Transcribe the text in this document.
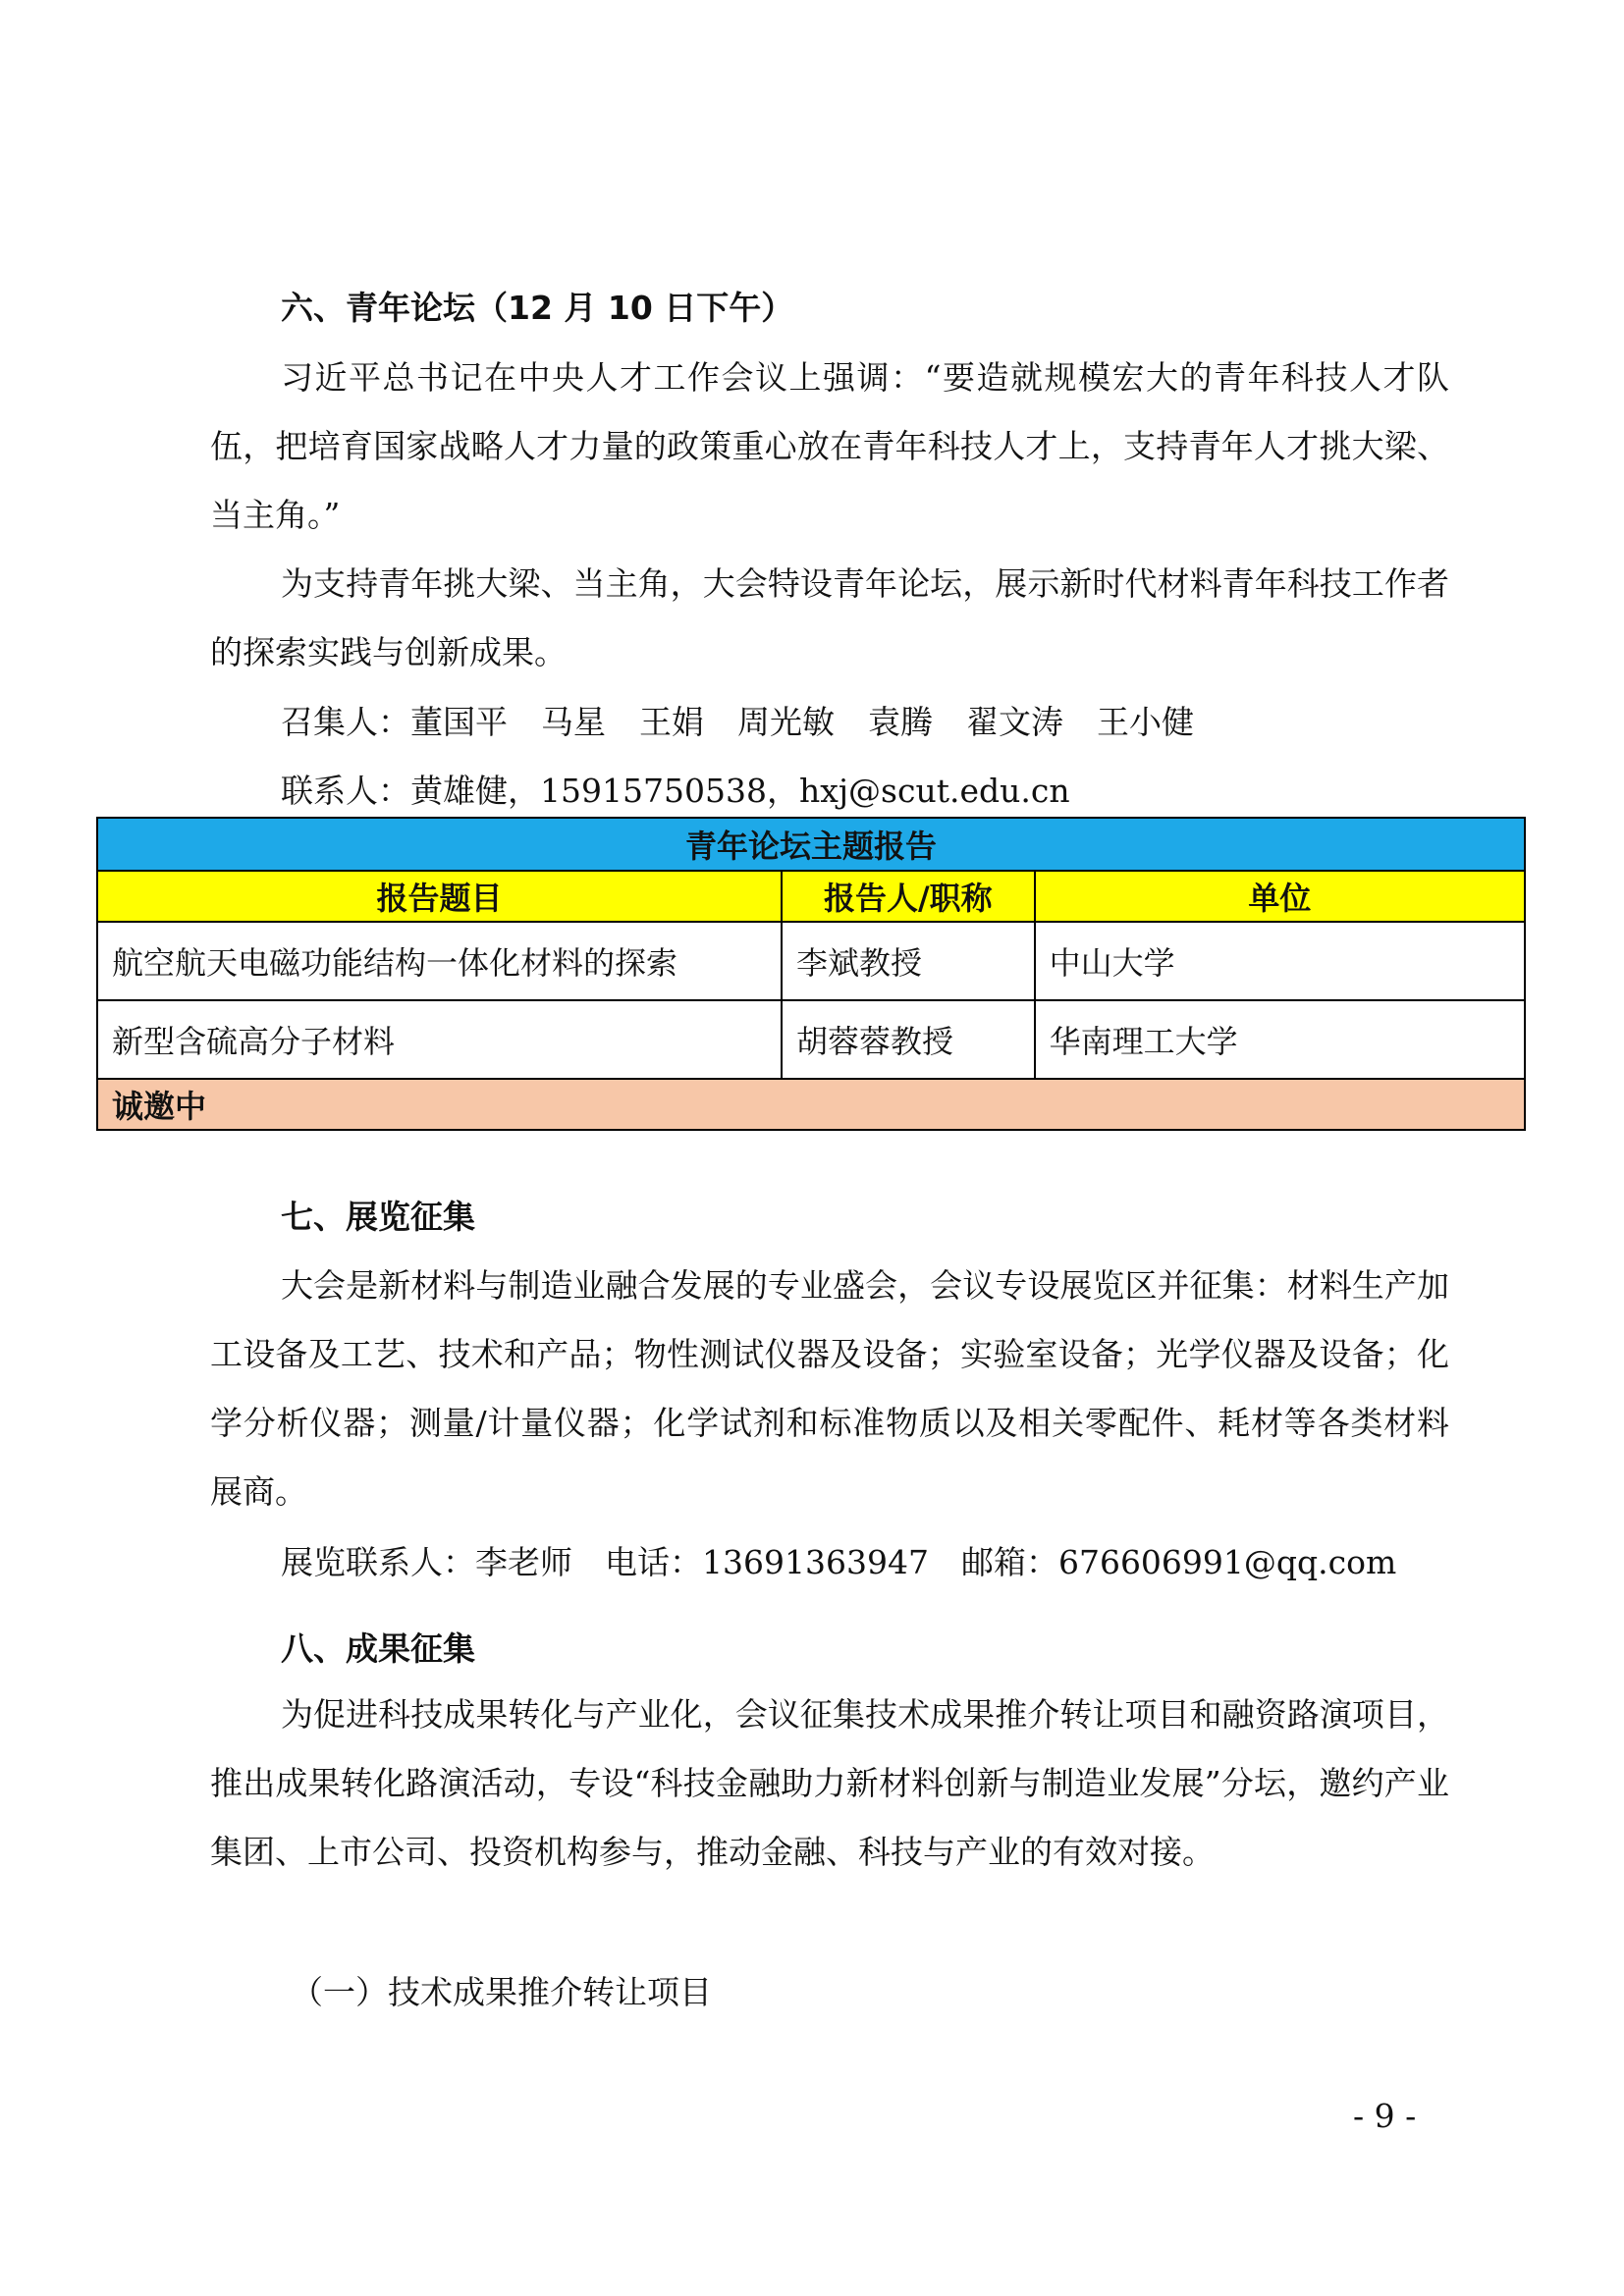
六、青年论坛（12 月 10 日下午）

习近平总书记在中央人才工作会议上强调：“要造就规模宏大的青年科技人才队伍，把培育国家战略人才力量的政策重心放在青年科技人才上，支持青年人才挑大梁、当主角。”

为支持青年挑大梁、当主角，大会特设青年论坛，展示新时代材料青年科技工作者的探索实践与创新成果。

召集人：董国平 马星 王娟 周光敏 袁腾 翟文涛 王小健
联系人：黄雄健，15915750538，hxj@scut.edu.cn
青年论坛主题报告		
报告题目	报告人/职称	单位
航空航天电磁功能结构一体化材料的探索	李斌教授	中山大学
新型含硫高分子材料	胡蓉蓉教授	华南理工大学
诚邀中		
七、展览征集

大会是新材料与制造业融合发展的专业盛会，会议专设展览区并征集：材料生产加工设备及工艺、技术和产品；物性测试仪器及设备；实验室设备；光学仪器及设备；化学分析仪器；测量/计量仪器；化学试剂和标准物质以及相关零配件、耗材等各类材料展商。

展览联系人：李老师　电话：13691363947　邮箱：676606991@qq.com
八、成果征集

为促进科技成果转化与产业化，会议征集技术成果推介转让项目和融资路演项目，推出成果转化路演活动，专设“科技金融助力新材料创新与制造业发展”分坛，邀约产业集团、上市公司、投资机构参与，推动金融、科技与产业的有效对接。

（一）技术成果推介转让项目
- 9 -
